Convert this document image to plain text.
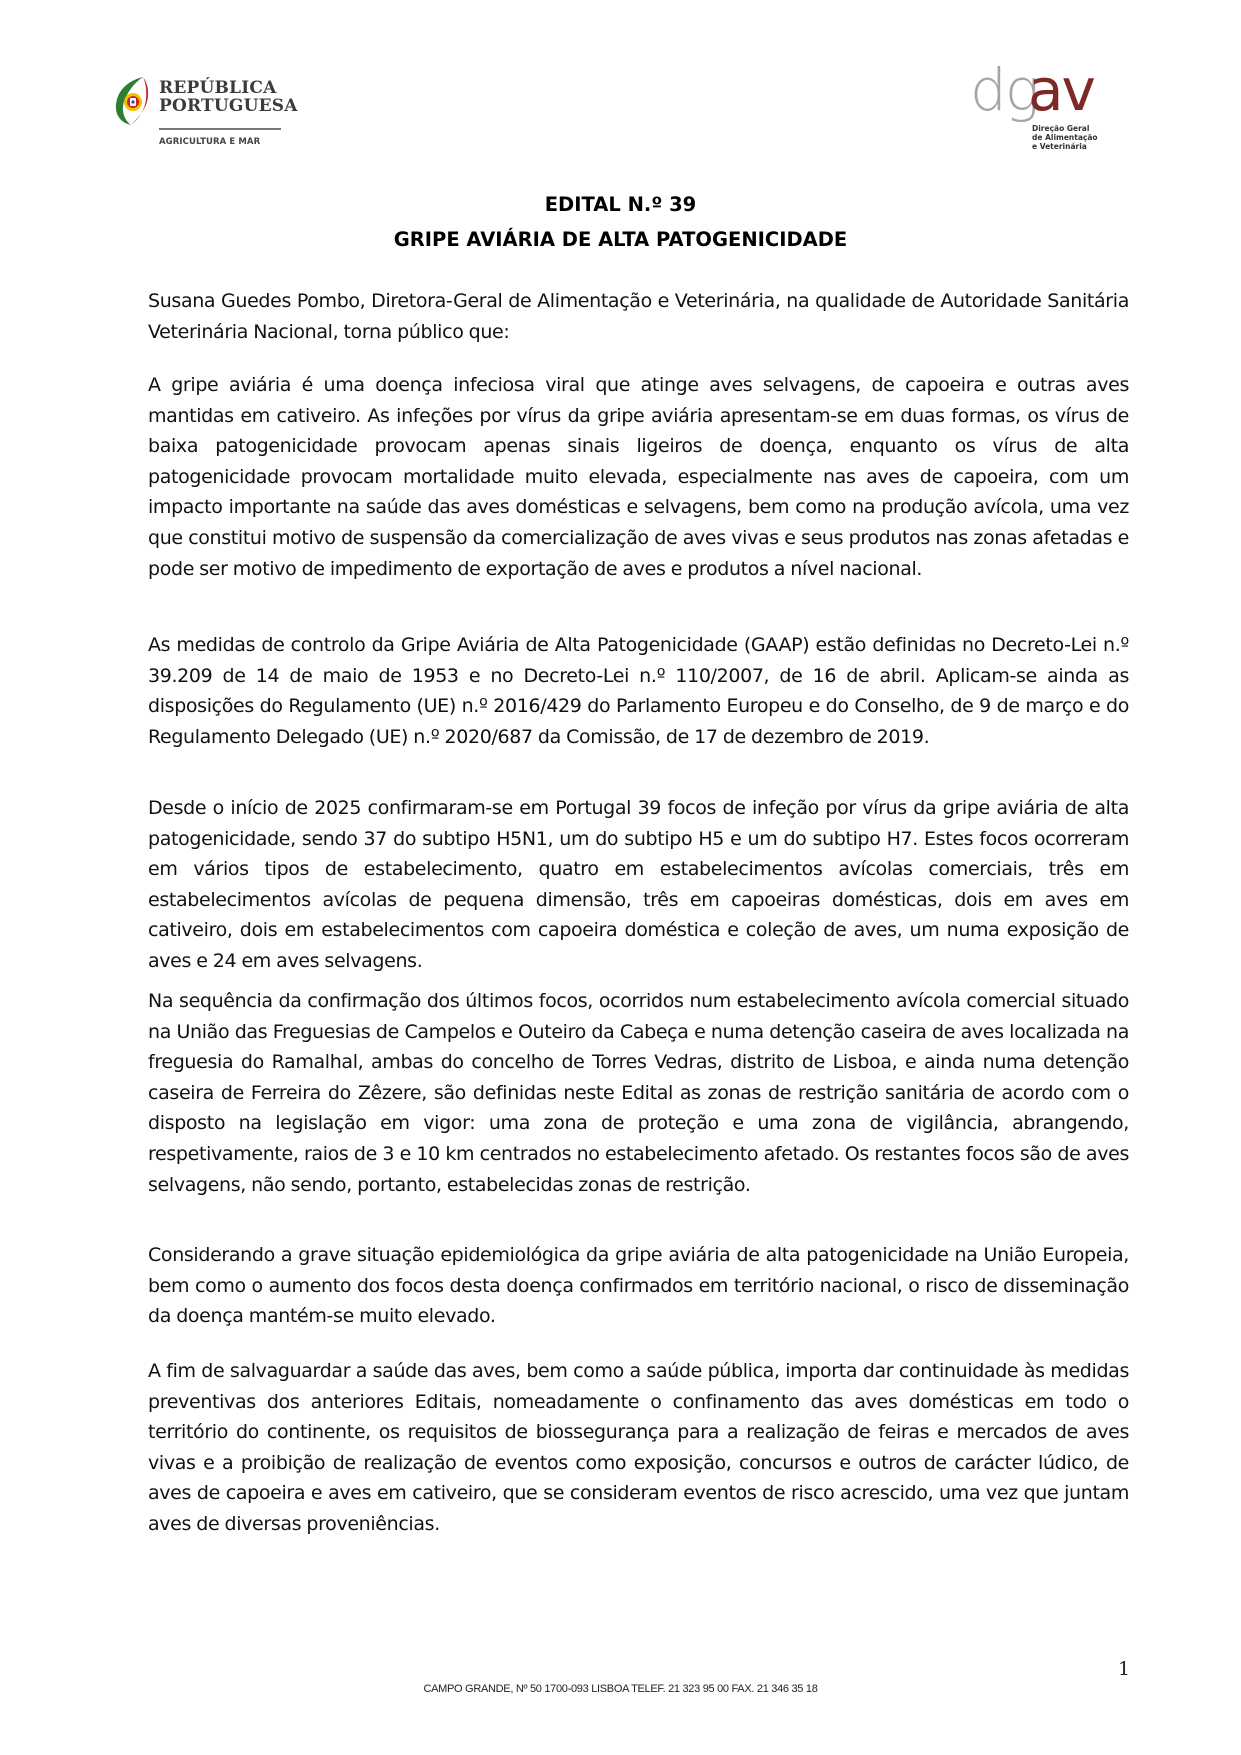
REPÚBLICA
PORTUGUESA
AGRICULTURA E MAR
dg
av
Direção Geral
de Alimentação
e Veterinária
EDITAL N.º 39
GRIPE AVIÁRIA DE ALTA PATOGENICIDADE

Susana Guedes Pombo, Diretora-Geral de Alimentação e Veterinária, na qualidade de Autoridade Sanitária Veterinária Nacional, torna público que:

A gripe aviária é uma doença infeciosa viral que atinge aves selvagens, de capoeira e outras aves mantidas em cativeiro. As infeções por vírus da gripe aviária apresentam-se em duas formas, os vírus de baixa patogenicidade provocam apenas sinais ligeiros de doença, enquanto os vírus de alta patogenicidade provocam mortalidade muito elevada, especialmente nas aves de capoeira, com um impacto importante na saúde das aves domésticas e selvagens, bem como na produção avícola, uma vez que constitui motivo de suspensão da comercialização de aves vivas e seus produtos nas zonas afetadas e pode ser motivo de impedimento de exportação de aves e produtos a nível nacional.

As medidas de controlo da Gripe Aviária de Alta Patogenicidade (GAAP) estão definidas no Decreto-Lei n.º 39.209 de 14 de maio de 1953 e no Decreto-Lei n.º 110/2007, de 16 de abril. Aplicam-se ainda as disposições do Regulamento (UE) n.º 2016/429 do Parlamento Europeu e do Conselho, de 9 de março e do Regulamento Delegado (UE) n.º 2020/687 da Comissão, de 17 de dezembro de 2019.

Desde o início de 2025 confirmaram-se em Portugal 39 focos de infeção por vírus da gripe aviária de alta patogenicidade, sendo 37 do subtipo H5N1, um do subtipo H5 e um do subtipo H7. Estes focos ocorreram em vários tipos de estabelecimento, quatro em estabelecimentos avícolas comerciais, três em estabelecimentos avícolas de pequena dimensão, três em capoeiras domésticas, dois em aves em cativeiro, dois em estabelecimentos com capoeira doméstica e coleção de aves, um numa exposição de aves e 24 em aves selvagens.

Na sequência da confirmação dos últimos focos, ocorridos num estabelecimento avícola comercial situado na União das Freguesias de Campelos e Outeiro da Cabeça e numa detenção caseira de aves localizada na freguesia do Ramalhal, ambas do concelho de Torres Vedras, distrito de Lisboa, e ainda numa detenção caseira de Ferreira do Zêzere, são definidas neste Edital as zonas de restrição sanitária de acordo com o disposto na legislação em vigor: uma zona de proteção e uma zona de vigilância, abrangendo, respetivamente, raios de 3 e 10 km centrados no estabelecimento afetado. Os restantes focos são de aves selvagens, não sendo, portanto, estabelecidas zonas de restrição.

Considerando a grave situação epidemiológica da gripe aviária de alta patogenicidade na União Europeia, bem como o aumento dos focos desta doença confirmados em território nacional, o risco de disseminação da doença mantém-se muito elevado.

A fim de salvaguardar a saúde das aves, bem como a saúde pública, importa dar continuidade às medidas preventivas dos anteriores Editais, nomeadamente o confinamento das aves domésticas em todo o território do continente, os requisitos de biossegurança para a realização de feiras e mercados de aves vivas e a proibição de realização de eventos como exposição, concursos e outros de carácter lúdico, de aves de capoeira e aves em cativeiro, que se consideram eventos de risco acrescido, uma vez que juntam aves de diversas proveniências.

1
CAMPO GRANDE, Nº 50 1700-093 LISBOA TELEF. 21 323 95 00 FAX. 21 346 35 18
